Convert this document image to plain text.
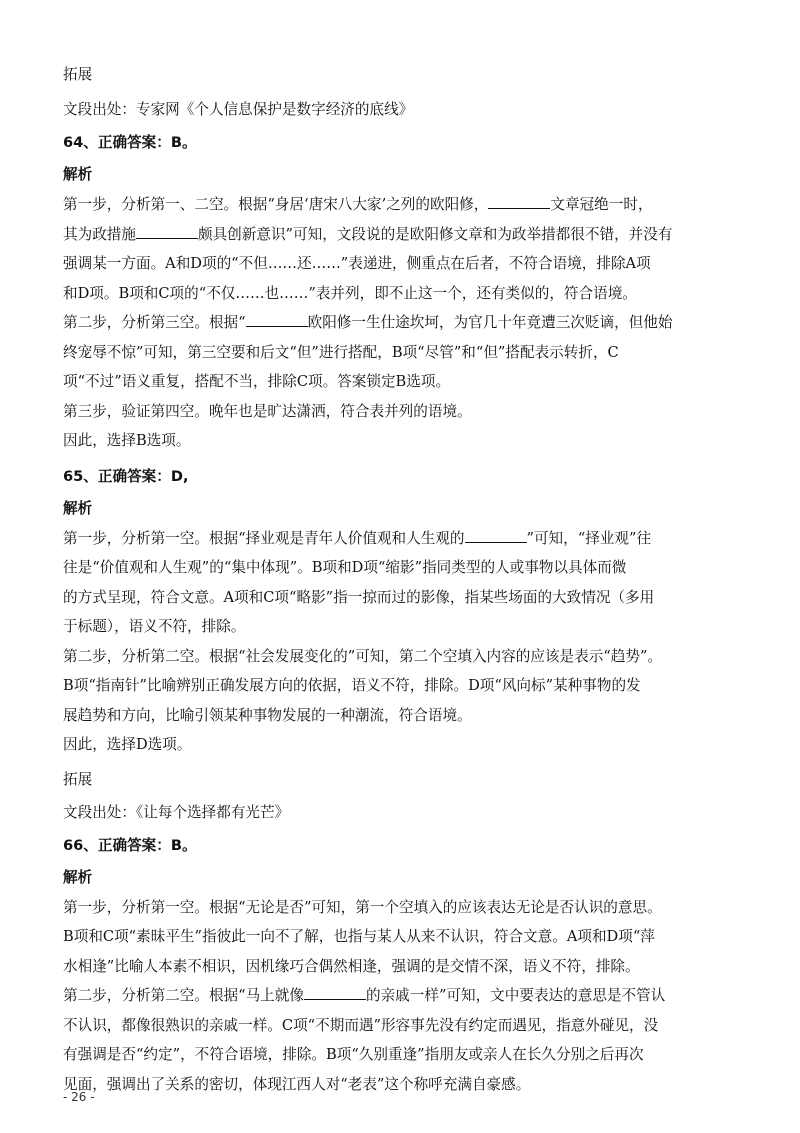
拓展
文段出处：专家网《个人信息保护是数字经济的底线》
64、正确答案：B。
解析
第一步，分析第一、二空。根据“身居‘唐宋八大家’之列的欧阳修，	文章冠绝一时，
其为政措施	颇具创新意识”可知，文段说的是欧阳修文章和为政举措都很不错，并没有
强调某一方面。A和D项的“不但……还……”表递进，侧重点在后者，不符合语境，排除A项
和D项。B项和C项的“不仅……也……”表并列，即不止这一个，还有类似的，符合语境。
第二步，分析第三空。根据“	欧阳修一生仕途坎坷，为官几十年竟遭三次贬谪，但他始
终宠辱不惊”可知，第三空要和后文“但”进行搭配，B项“尽管”和“但”搭配表示转折，C
项“不过”语义重复，搭配不当，排除C项。答案锁定B选项。
第三步，验证第四空。晚年也是旷达潇洒，符合表并列的语境。
因此，选择B选项。
65、正确答案：D,
解析
第一步，分析第一空。根据“择业观是青年人价值观和人生观的	”可知，“择业观”往
往是“价值观和人生观”的“集中体现”。B项和D项“缩影”指同类型的人或事物以具体而微
的方式呈现，符合文意。A项和C项“略影”指一掠而过的影像，指某些场面的大致情况（多用
于标题），语义不符，排除。
第二步，分析第二空。根据“社会发展变化的”可知，第二个空填入内容的应该是表示“趋势”。
B项“指南针”比喻辨别正确发展方向的依据，语义不符，排除。D项“风向标”某种事物的发
展趋势和方向，比喻引领某种事物发展的一种潮流，符合语境。
因此，选择D选项。
拓展
文段出处：《让每个选择都有光芒》
66、正确答案：B。
解析
第一步，分析第一空。根据“无论是否”可知，第一个空填入的应该表达无论是否认识的意思。
B项和C项“素昧平生”指彼此一向不了解，也指与某人从来不认识，符合文意。A项和D项“萍
水相逢”比喻人本素不相识，因机缘巧合偶然相逢，强调的是交情不深，语义不符，排除。
第二步，分析第二空。根据“马上就像	的亲戚一样”可知，文中要表达的意思是不管认
不认识，都像很熟识的亲戚一样。C项“不期而遇”形容事先没有约定而遇见，指意外碰见，没
有强调是否“约定”，不符合语境，排除。B项“久别重逢”指朋友或亲人在长久分别之后再次
见面，强调出了关系的密切，体现江西人对“老表”这个称呼充满自豪感。
- 26 -
